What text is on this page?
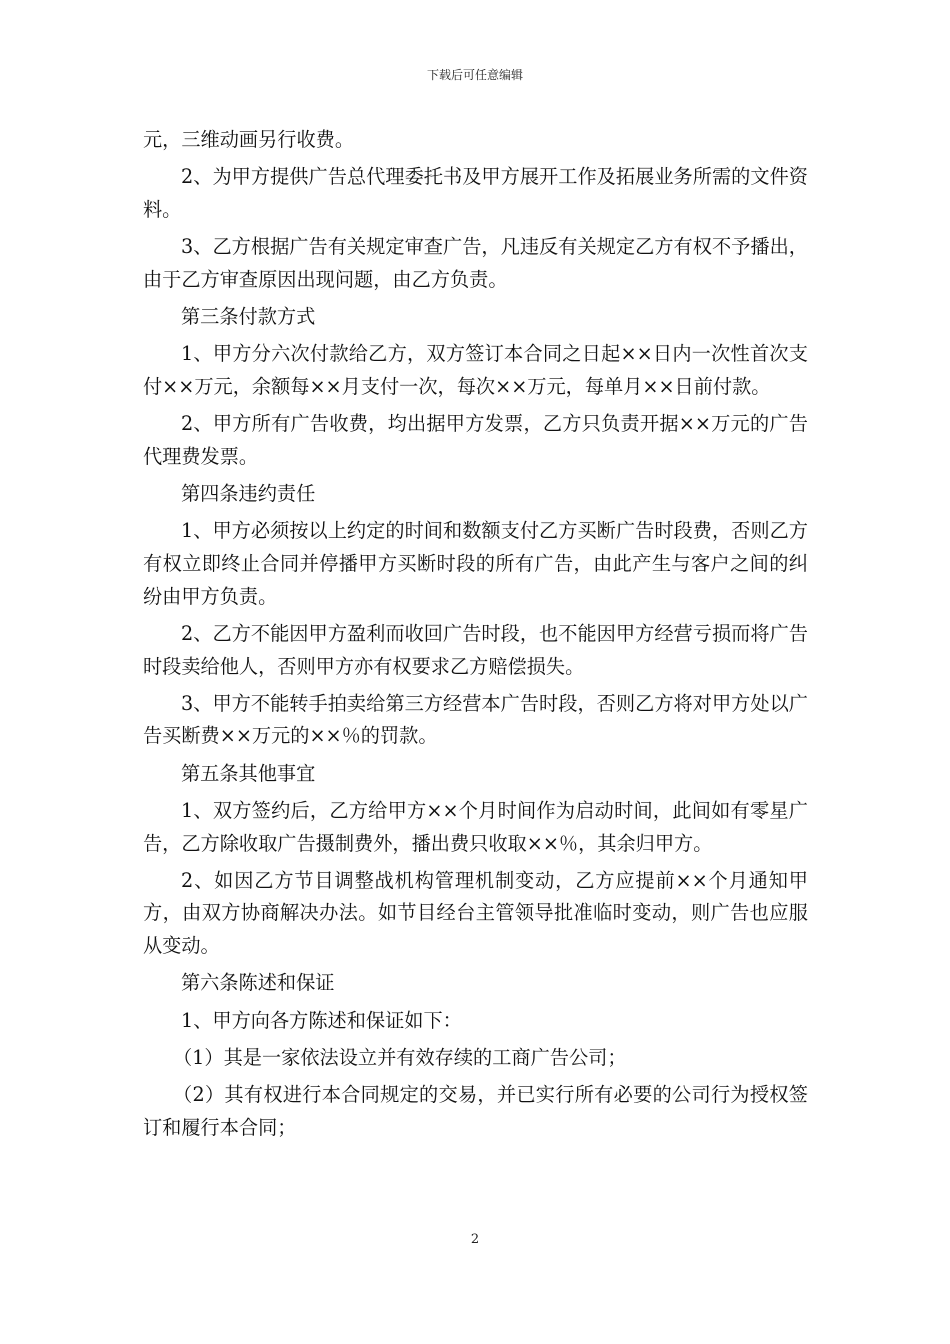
下载后可任意编辑

元，三维动画另行收费。

2、为甲方提供广告总代理委托书及甲方展开工作及拓展业务所需的文件资料。

3、乙方根据广告有关规定审查广告，凡违反有关规定乙方有权不予播出，由于乙方审查原因出现问题，由乙方负责。

第三条付款方式

1、甲方分六次付款给乙方，双方签订本合同之日起××日内一次性首次支付××万元，余额每××月支付一次，每次××万元，每单月××日前付款。

2、甲方所有广告收费，均出据甲方发票，乙方只负责开据××万元的广告代理费发票。

第四条违约责任

1、甲方必须按以上约定的时间和数额支付乙方买断广告时段费，否则乙方有权立即终止合同并停播甲方买断时段的所有广告，由此产生与客户之间的纠纷由甲方负责。

2、乙方不能因甲方盈利而收回广告时段，也不能因甲方经营亏损而将广告时段卖给他人，否则甲方亦有权要求乙方赔偿损失。

3、甲方不能转手拍卖给第三方经营本广告时段，否则乙方将对甲方处以广告买断费××万元的××％的罚款。

第五条其他事宜

1、双方签约后，乙方给甲方××个月时间作为启动时间，此间如有零星广告，乙方除收取广告摄制费外，播出费只收取××％，其余归甲方。

2、如因乙方节目调整战机构管理机制变动，乙方应提前××个月通知甲方，由双方协商解决办法。如节目经台主管领导批准临时变动，则广告也应服从变动。

第六条陈述和保证

1、甲方向各方陈述和保证如下：

（1）其是一家依法设立并有效存续的工商广告公司；

（2）其有权进行本合同规定的交易，并已实行所有必要的公司行为授权签订和履行本合同；

2
